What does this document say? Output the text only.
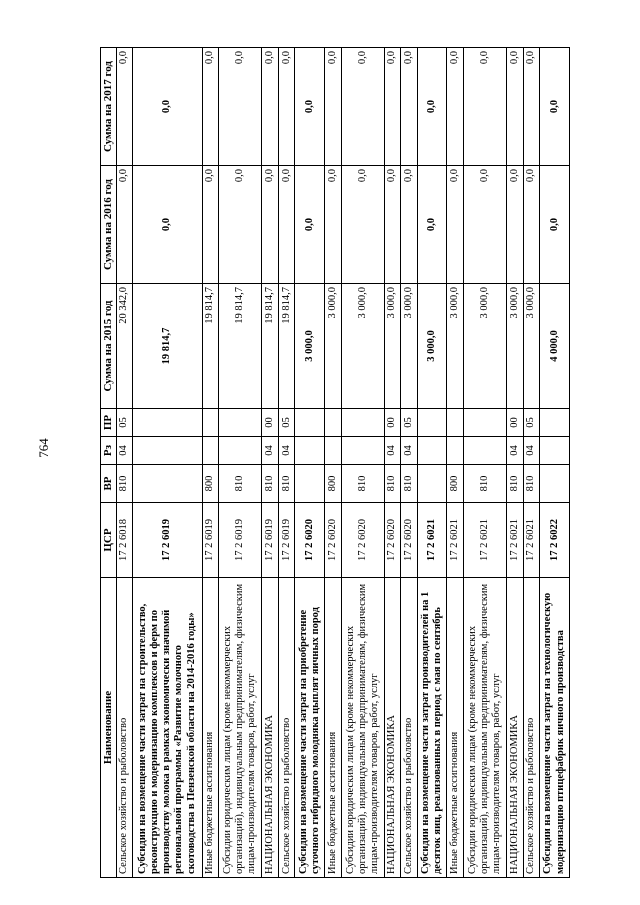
764
Наименование	ЦСР	ВР	Рз	ПР	Сумма на 2015 год	Сумма на 2016 год	Сумма на 2017 год
Сельское хозяйство и рыболовство	17 2 6018	810	04	05	20 342,0	0,0	0,0
Субсидии на возмещение части затрат на строительство, реконструкцию и модернизацию комплексов и ферм по производству молока в рамках экономически значимой региональной программы «Развитие молочного скотоводства в Пензенской области на 2014-2016 годы»	17 2 6019				19 814,7	0,0	0,0
Иные бюджетные ассигнования	17 2 6019	800			19 814,7	0,0	0,0
Субсидии юридическим лицам (кроме некоммерческих организаций), индивидуальным предпринимателям, физическим лицам-производителям товаров, работ, услуг	17 2 6019	810			19 814,7	0,0	0,0
НАЦИОНАЛЬНАЯ ЭКОНОМИКА	17 2 6019	810	04	00	19 814,7	0,0	0,0
Сельское хозяйство и рыболовство	17 2 6019	810	04	05	19 814,7	0,0	0,0
Субсидии на возмещение части затрат на приобретение суточного гибридного молодняка цыплят яичных пород	17 2 6020				3 000,0	0,0	0,0
Иные бюджетные ассигнования	17 2 6020	800			3 000,0	0,0	0,0
Субсидии юридическим лицам (кроме некоммерческих организаций), индивидуальным предпринимателям, физическим лицам-производителям товаров, работ, услуг	17 2 6020	810			3 000,0	0,0	0,0
НАЦИОНАЛЬНАЯ ЭКОНОМИКА	17 2 6020	810	04	00	3 000,0	0,0	0,0
Сельское хозяйство и рыболовство	17 2 6020	810	04	05	3 000,0	0,0	0,0
Субсидии на возмещение части затрат производителей на 1 десяток яиц, реализованных в период с мая по сентябрь	17 2 6021				3 000,0	0,0	0,0
Иные бюджетные ассигнования	17 2 6021	800			3 000,0	0,0	0,0
Субсидии юридическим лицам (кроме некоммерческих организаций), индивидуальным предпринимателям, физическим лицам-производителям товаров, работ, услуг	17 2 6021	810			3 000,0	0,0	0,0
НАЦИОНАЛЬНАЯ ЭКОНОМИКА	17 2 6021	810	04	00	3 000,0	0,0	0,0
Сельское хозяйство и рыболовство	17 2 6021	810	04	05	3 000,0	0,0	0,0
Субсидии на возмещение части затрат на технологическую модернизацию птицефабрик яичного производства	17 2 6022				4 000,0	0,0	0,0
